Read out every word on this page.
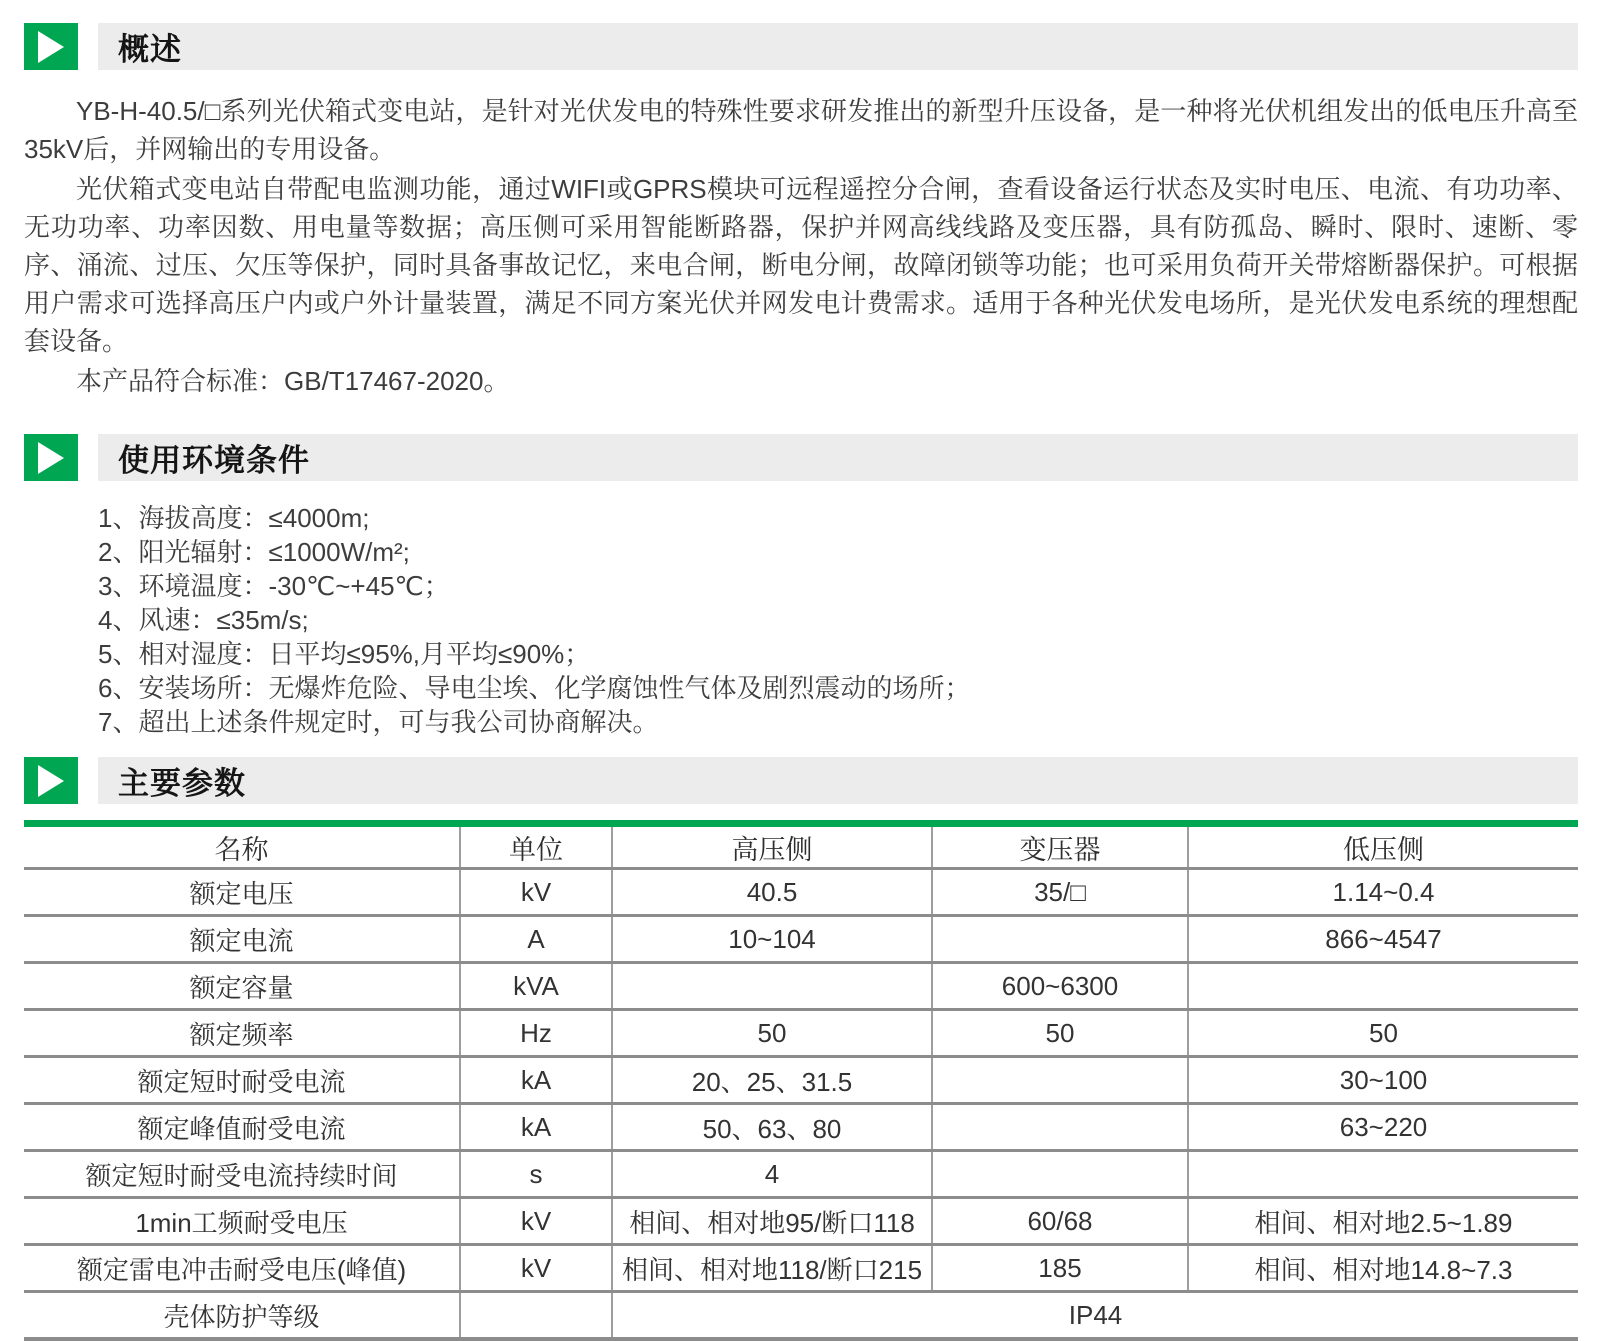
概述

YB-H-40.5/□系列光伏箱式变电站，是针对光伏发电的特殊性要求研发推出的新型升压设备，是一种将光伏机组发出的低电压升高至35kV后，并网输出的专用设备。

光伏箱式变电站自带配电监测功能，通过WIFI或GPRS模块可远程遥控分合闸，查看设备运行状态及实时电压、电流、有功功率、无功功率、功率因数、用电量等数据；高压侧可采用智能断路器，保护并网高线线路及变压器，具有防孤岛、瞬时、限时、速断、零序、涌流、过压、欠压等保护，同时具备事故记忆，来电合闸，断电分闸，故障闭锁等功能；也可采用负荷开关带熔断器保护。可根据用户需求可选择高压户内或户外计量装置，满足不同方案光伏并网发电计费需求。适用于各种光伏发电场所，是光伏发电系统的理想配套设备。

本产品符合标准：GB/T17467-2020。

使用环境条件
1、海拔高度：≤4000m;
2、阳光辐射：≤1000W/m²;
3、环境温度：-30℃~+45℃；
4、风速：≤35m/s;
5、相对湿度：日平均≤95%,月平均≤90%；
6、安装场所：无爆炸危险、导电尘埃、化学腐蚀性气体及剧烈震动的场所；
7、超出上述条件规定时，可与我公司协商解决。
主要参数
名称	单位	高压侧	变压器	低压侧
额定电压	kV	40.5	35/□	1.14~0.4
额定电流	A	10~104		866~4547
额定容量	kVA		600~6300	
额定频率	Hz	50	50	50
额定短时耐受电流	kA	20、25、31.5		30~100
额定峰值耐受电流	kA	50、63、80		63~220
额定短时耐受电流持续时间	s	4		
1min工频耐受电压	kV	相间、相对地95/断口118	60/68	相间、相对地2.5~1.89
额定雷电冲击耐受电压(峰值)	kV	相间、相对地118/断口215	185	相间、相对地14.8~7.3
壳体防护等级		IP44		
